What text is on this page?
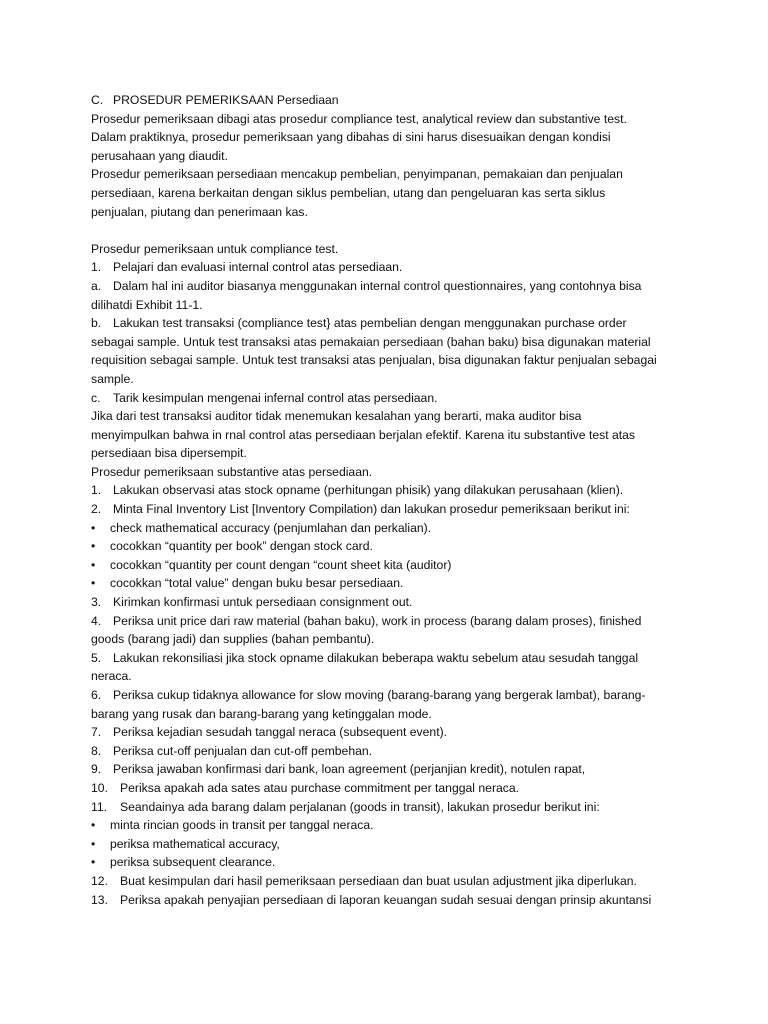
C. PROSEDUR PEMERIKSAAN Persediaan
Prosedur pemeriksaan dibagi atas prosedur compliance test, analytical review dan substantive test.
Dalam praktiknya, prosedur pemeriksaan yang dibahas di sini harus disesuaikan dengan kondisi
perusahaan yang diaudit.
Prosedur pemeriksaan persediaan mencakup pembelian, penyimpanan, pemakaian dan penjualan
persediaan, karena berkaitan dengan siklus pembelian, utang dan pengeluaran kas serta siklus
penjualan, piutang dan penerimaan kas.
Prosedur pemeriksaan untuk compliance test.
1. Pelajari dan evaluasi internal control atas persediaan.
a. Dalam hal ini auditor biasanya menggunakan internal control questionnaires, yang contohnya bisa
dilihatdi Exhibit 11-1.
b. Lakukan test transaksi (compliance test} atas pembelian dengan menggunakan purchase order
sebagai sample. Untuk test transaksi atas pemakaian persediaan (bahan baku) bisa digunakan material
requisition sebagai sample. Untuk test transaksi atas penjualan, bisa digunakan faktur penjualan sebagai
sample.
c. Tarik kesimpulan mengenai infernal control atas persediaan.
Jika dari test transaksi auditor tidak menemukan kesalahan yang berarti, maka auditor bisa
menyimpulkan bahwa in rnal control atas persediaan berjalan efektif. Karena itu substantive test atas
persediaan bisa dipersempit.
Prosedur pemeriksaan substantive atas persediaan.
1. Lakukan observasi atas stock opname (perhitungan phisik) yang dilakukan perusahaan (klien).
2. Minta Final Inventory List [Inventory Compilation) dan lakukan prosedur pemeriksaan berikut ini:
• check mathematical accuracy (penjumlahan dan perkalian).
• cocokkan “quantity per book” dengan stock card.
• cocokkan “quantity per count dengan “count sheet kita (auditor)
• cocokkan “total value” dengan buku besar persediaan.
3. Kirimkan konfirmasi untuk persediaan consignment out.
4. Periksa unit price dari raw material (bahan baku), work in process (barang dalam proses), finished
goods (barang jadi) dan supplies (bahan pembantu).
5. Lakukan rekonsiliasi jika stock opname dilakukan beberapa waktu sebelum atau sesudah tanggal
neraca.
6. Periksa cukup tidaknya allowance for slow moving (barang-barang yang bergerak lambat), barang-
barang yang rusak dan barang-barang yang ketinggalan mode.
7. Periksa kejadian sesudah tanggal neraca (subsequent event).
8. Periksa cut-off penjualan dan cut-off pembehan.
9. Periksa jawaban konfirmasi dari bank, loan agreement (perjanjian kredit), notulen rapat,
10. Periksa apakah ada sates atau purchase commitment per tanggal neraca.
11. Seandainya ada barang dalam perjalanan (goods in transit), lakukan prosedur berikut ini:
• minta rincian goods in transit per tanggal neraca.
• periksa mathematical accuracy,
• periksa subsequent clearance.
12. Buat kesimpulan dari hasil pemeriksaan persediaan dan buat usulan adjustment jika diperlukan.
13. Periksa apakah penyajian persediaan di laporan keuangan sudah sesuai dengan prinsip akuntansi
